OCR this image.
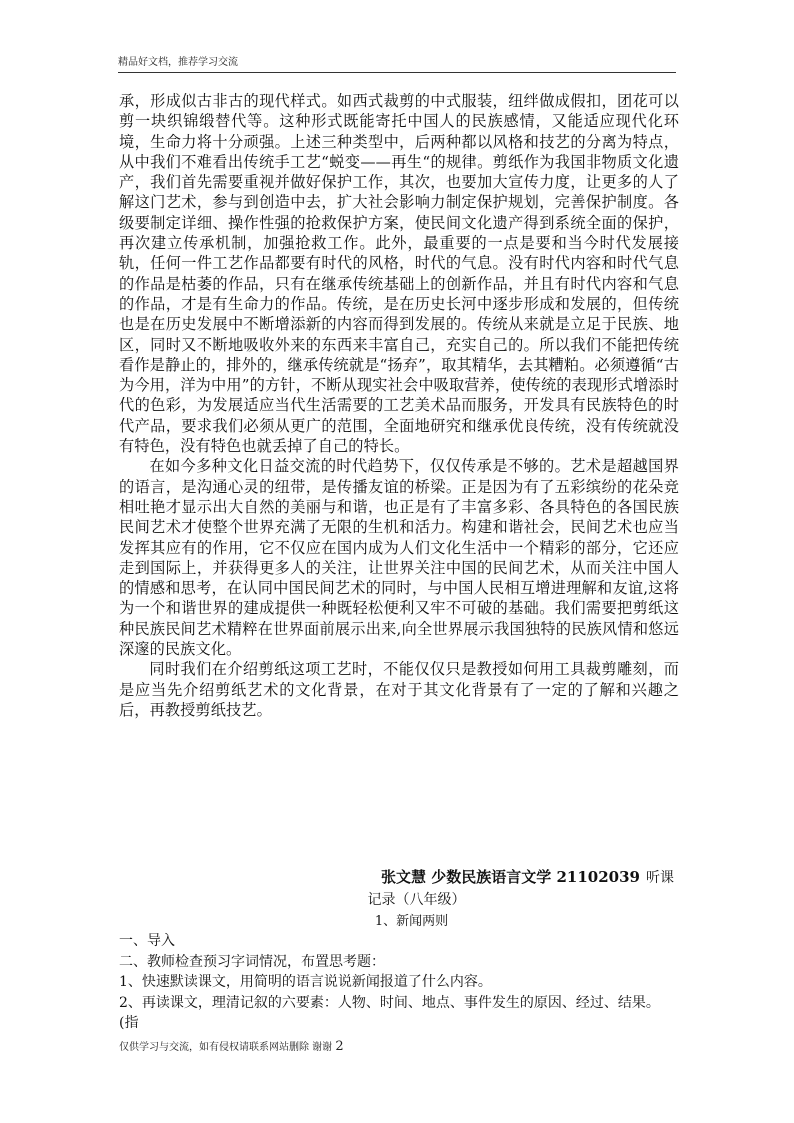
精品好文档，推荐学习交流

承，形成似古非古的现代样式。如西式裁剪的中式服装，纽绊做成假扣，团花可以剪一块织锦缎替代等。这种形式既能寄托中国人的民族感情，又能适应现代化环境，生命力将十分顽强。上述三种类型中，后两种都以风格和技艺的分离为特点，从中我们不难看出传统手工艺“蜕变——再生“的规律。剪纸作为我国非物质文化遗产，我们首先需要重视并做好保护工作，其次，也要加大宣传力度，让更多的人了解这门艺术，参与到创造中去，扩大社会影响力制定保护规划，完善保护制度。各级要制定详细、操作性强的抢救保护方案，使民间文化遗产得到系统全面的保护，再次建立传承机制，加强抢救工作。此外，最重要的一点是要和当今时代发展接轨，任何一件工艺作品都要有时代的风格，时代的气息。没有时代内容和时代气息的作品是枯萎的作品，只有在继承传统基础上的创新作品，并且有时代内容和气息的作品，才是有生命力的作品。传统，是在历史长河中逐步形成和发展的，但传统也是在历史发展中不断增添新的内容而得到发展的。传统从来就是立足于民族、地区，同时又不断地吸收外来的东西来丰富自己，充实自己的。所以我们不能把传统看作是静止的，排外的，继承传统就是“扬弃”，取其精华，去其糟粕。必须遵循“古为今用，洋为中用”的方针，不断从现实社会中吸取营养，使传统的表现形式增添时代的色彩，为发展适应当代生活需要的工艺美术品而服务，开发具有民族特色的时代产品，要求我们必须从更广的范围，全面地研究和继承优良传统，没有传统就没有特色，没有特色也就丢掉了自己的特长。

在如今多种文化日益交流的时代趋势下，仅仅传承是不够的。艺术是超越国界的语言，是沟通心灵的纽带，是传播友谊的桥梁。正是因为有了五彩缤纷的花朵竞相吐艳才显示出大自然的美丽与和谐，也正是有了丰富多彩、各具特色的各国民族民间艺术才使整个世界充满了无限的生机和活力。构建和谐社会，民间艺术也应当发挥其应有的作用，它不仅应在国内成为人们文化生活中一个精彩的部分，它还应走到国际上，并获得更多人的关注，让世界关注中国的民间艺术，从而关注中国人的情感和思考，在认同中国民间艺术的同时，与中国人民相互增进理解和友谊,这将为一个和谐世界的建成提供一种既轻松便利又牢不可破的基础。我们需要把剪纸这种民族民间艺术精粹在世界面前展示出来,向全世界展示我国独特的民族风情和悠远深邃的民族文化。

同时我们在介绍剪纸这项工艺时，不能仅仅只是教授如何用工具裁剪雕刻，而是应当先介绍剪纸艺术的文化背景，在对于其文化背景有了一定的了解和兴趣之后，再教授剪纸技艺。

张文慧 少数民族语言文学 21102039 听课
记录（八年级）
1、新闻两则

一、导入

二、教师检查预习字词情况，布置思考题：

1、快速默读课文，用简明的语言说说新闻报道了什么内容。

2、再读课文，理清记叙的六要素：人物、时间、地点、事件发生的原因、经过、结果。(指

仅供学习与交流，如有侵权请联系网站删除 谢谢 2
